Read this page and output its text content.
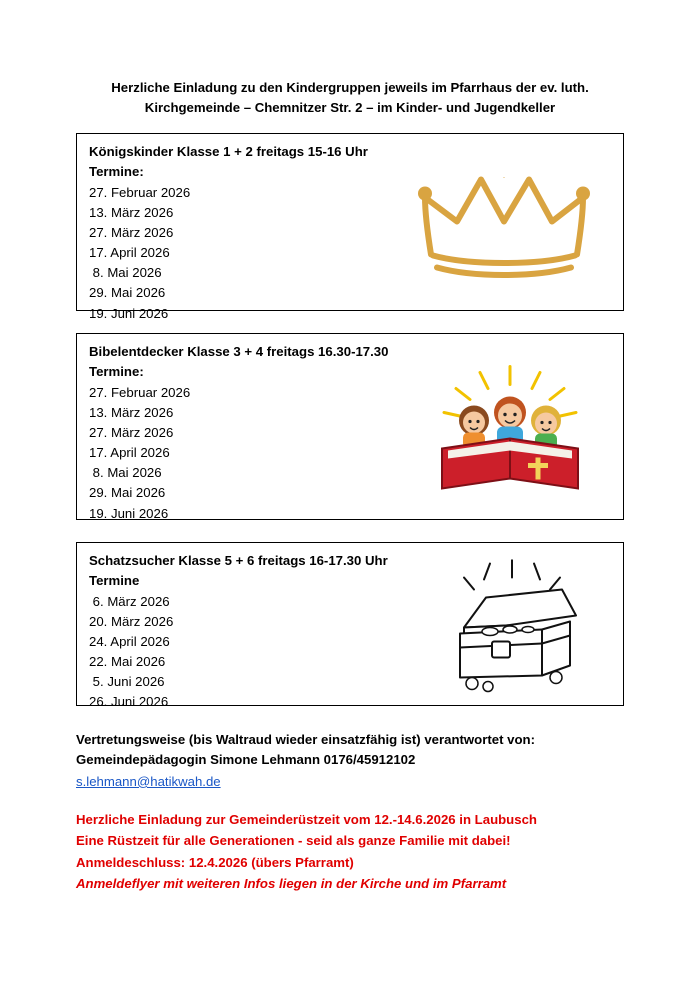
Herzliche Einladung zu den Kindergruppen jeweils im Pfarrhaus der ev. luth.
Kirchgemeinde – Chemnitzer Str. 2 – im Kinder- und Jugendkeller
Königskinder Klasse 1 + 2 freitags 15-16 Uhr
Termine:
27. Februar 2026
13. März 2026
27. März 2026
17. April 2026
8. Mai 2026
29. Mai 2026
19. Juni 2026
Bibelentdecker Klasse 3 + 4 freitags 16.30-17.30
Termine:
27. Februar 2026
13. März 2026
27. März 2026
17. April 2026
8. Mai 2026
29. Mai 2026
19. Juni 2026
Schatzsucher Klasse 5 + 6 freitags 16-17.30 Uhr
Termine
6. März 2026
20. März 2026
24. April 2026
22. Mai 2026
5. Juni 2026
26. Juni 2026
Vertretungsweise (bis Waltraud wieder einsatzfähig ist) verantwortet von:
Gemeindepädagogin Simone Lehmann 0176/45912102
s.lehmann@hatikwah.de
Herzliche Einladung zur Gemeinderüstzeit vom 12.-14.6.2026 in Laubusch
Eine Rüstzeit für alle Generationen - seid als ganze Familie mit dabei!
Anmeldeschluss: 12.4.2026 (übers Pfarramt)
Anmeldeflyer mit weiteren Infos liegen in der Kirche und im Pfarramt
